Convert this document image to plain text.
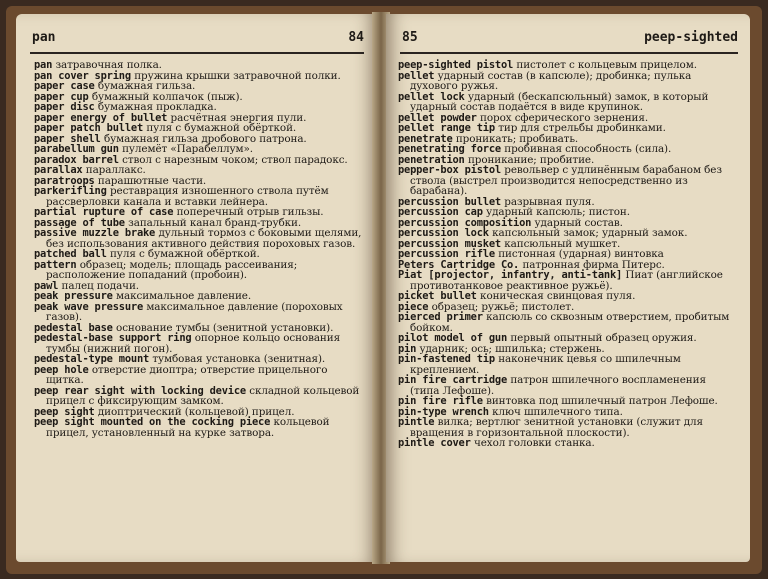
pan	84
pan затравочная полка.
pan cover spring пружина крышки затравочной полки.
paper case бумажная гильза.
paper cup бумажный колпачок (пыж).
paper disc бумажная прокладка.
paper energy of bullet расчётная энергия пули.
paper patch bullet пуля с бумажной обёрткой.
paper shell бумажная гильза дробового патрона.
parabellum gun пулемёт «Парабеллум».
paradox barrel ствол с нарезным чоком; ствол парадокс.
parallax параллакс.
paratroops парашютные части.
parkerifling реставрация изношенного ствола путём рассверловки канала и вставки лейнера.
partial rupture of case поперечный отрыв гильзы.
passage of tube запальный канал бранд-трубки.
passive muzzle brake дульный тормоз с боковыми щелями, без использования активного действия пороховых газов.
patched ball пуля с бумажной обёрткой.
pattern образец; модель; площадь рассеивания; расположение попаданий (пробоин).
pawl палец подачи.
peak pressure максимальное давление.
peak wave pressure максимальное давление (пороховых газов).
pedestal base основание тумбы (зенитной установки).
pedestal-base support ring опорное кольцо основания тумбы (нижний погон).
pedestal-type mount тумбовая установка (зенитная).
peep hole отверстие диоптра; отверстие прицельного щитка.
peep rear sight with locking device складной кольцевой прицел с фиксирующим замком.
peep sight диоптрический (кольцевой) прицел.
peep sight mounted on the cocking piece кольцевой прицел, установленный на курке затвора.
85	peep-sighted
peep-sighted pistol пистолет с кольцевым прицелом.
pellet ударный состав (в капсюле); дробинка; пулька духового ружья.
pellet lock ударный (бескапсюльный) замок, в который ударный состав подаётся в виде крупинок.
pellet powder порох сферического зернения.
pellet range tip тир для стрельбы дробинками.
penetrate проникать; пробивать.
penetrating force пробивная способность (сила).
penetration проникание; пробитие.
pepper-box pistol револьвер с удлинённым барабаном без ствола (выстрел производится непосредственно из барабана).
percussion bullet разрывная пуля.
percussion cap ударный капсюль; пистон.
percussion composition ударный состав.
percussion lock капсюльный замок; ударный замок.
percussion musket капсюльный мушкет.
percussion rifle пистонная (ударная) винтовка
Peters Cartridge Co. патронная фирма Питерс.
Piat [projector, infantry, anti-tank] Пиат (английское противотанковое реактивное ружьё).
picket bullet коническая свинцовая пуля.
piece образец; ружьё; пистолет.
pierced primer капсюль со сквозным отверстием, пробитым бойком.
pilot model of gun первый опытный образец оружия.
pin ударник; ось; шпилька; стержень.
pin-fastened tip наконечник цевья со шпилечным креплением.
pin fire cartridge патрон шпилечного воспламенения (типа Лефоше).
pin fire rifle винтовка под шпилечный патрон Лефоше.
pin-type wrench ключ шпилечного типа.
pintle вилка; вертлюг зенитной установки (служит для вращения в горизонтальной плоскости).
pintle cover чехол головки станка.
